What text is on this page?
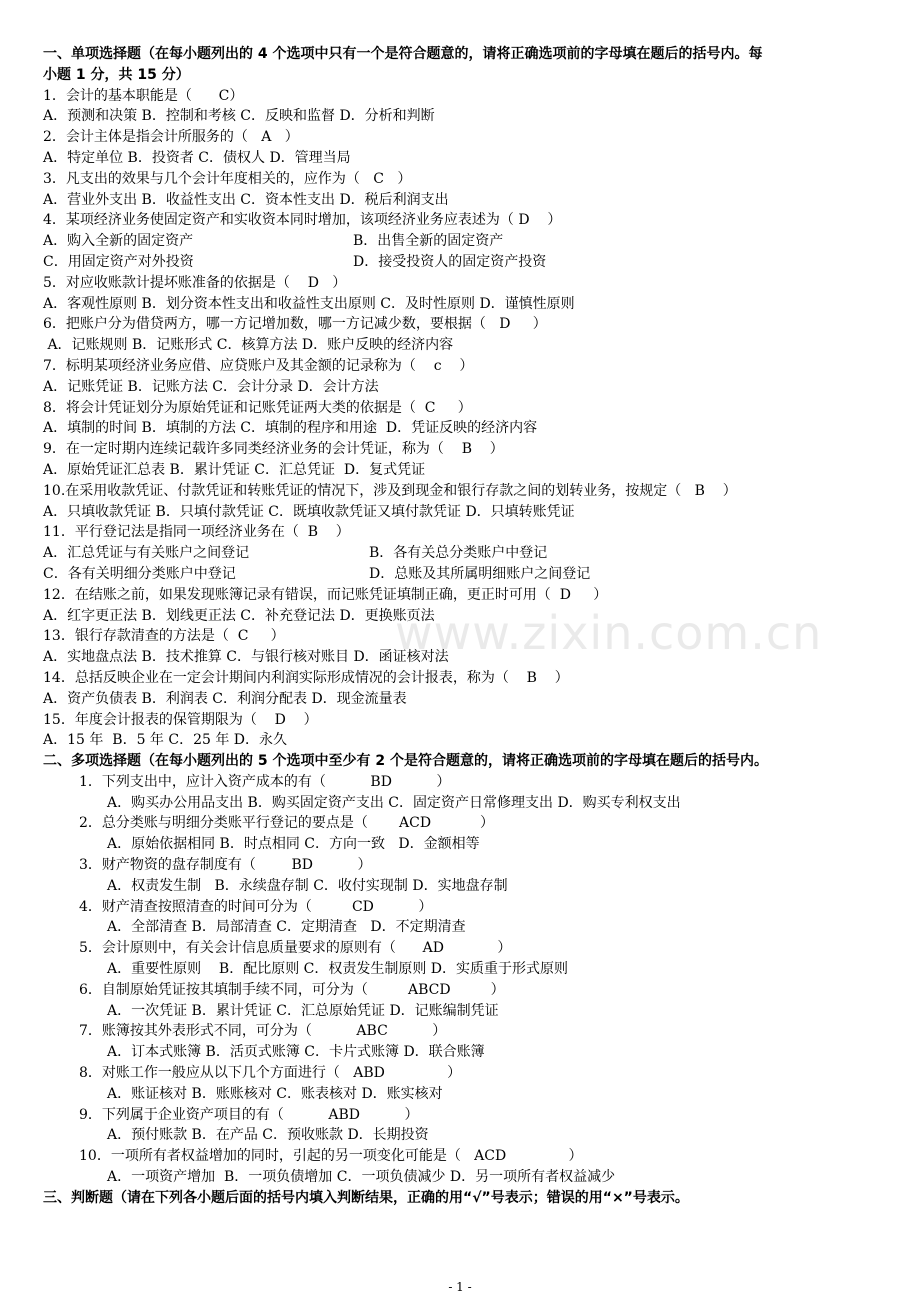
一、单项选择题（在每小题列出的 4 个选项中只有一个是符合题意的，请将正确选项前的字母填在题后的括号内。每
小题 1 分，共 15 分）
1．会计的基本职能是（      C）
A．预测和决策 B．控制和考核 C．反映和监督 D．分析和判断
2．会计主体是指会计所服务的（   A   ）
A．特定单位 B．投资者 C．债权人 D．管理当局
3．凡支出的效果与几个会计年度相关的，应作为（   C   ）
A．营业外支出 B．收益性支出 C．资本性支出 D．税后利润支出
4．某项经济业务使固定资产和实收资本同时增加，该项经济业务应表述为（ D    ）
A．购入全新的固定资产	B．出售全新的固定资产
C．用固定资产对外投资	D．接受投资人的固定资产投资
5．对应收账款计提坏账准备的依据是（    D   ）
A．客观性原则 B．划分资本性支出和收益性支出原则 C．及时性原则 D．谨慎性原则
6．把账户分为借贷两方，哪一方记增加数，哪一方记减少数，要根据（   D     ）
A．记账规则 B．记账形式 C．核算方法 D．账户反映的经济内容
7．标明某项经济业务应借、应贷账户及其金额的记录称为（    c    ）
A．记账凭证 B．记账方法 C．会计分录 D．会计方法
8．将会计凭证划分为原始凭证和记账凭证两大类的依据是（  C     ）
A．填制的时间 B．填制的方法 C．填制的程序和用途  D．凭证反映的经济内容
9．在一定时期内连续记载许多同类经济业务的会计凭证，称为（    B    ）
A．原始凭证汇总表 B．累计凭证 C．汇总凭证  D．复式凭证
10.在采用收款凭证、付款凭证和转账凭证的情况下，涉及到现金和银行存款之间的划转业务，按规定（   B    ）
A．只填收款凭证 B．只填付款凭证 C．既填收款凭证又填付款凭证 D．只填转账凭证
11．平行登记法是指同一项经济业务在（  B    ）
A．汇总凭证与有关账户之间登记	B．各有关总分类账户中登记
C．各有关明细分类账户中登记	D．总账及其所属明细账户之间登记
12．在结账之前，如果发现账簿记录有错误，而记账凭证填制正确，更正时可用（  D     ）
A．红字更正法 B．划线更正法 C．补充登记法 D．更换账页法
13．银行存款清查的方法是（  C     ）
A．实地盘点法 B．技术推算 C．与银行核对账目 D．函证核对法
14．总括反映企业在一定会计期间内利润实际形成情况的会计报表，称为（    B    ）
A．资产负债表 B．利润表 C．利润分配表 D．现金流量表
15．年度会计报表的保管期限为（    D    ）
A．15 年  B．5 年 C．25 年 D．永久
二、多项选择题（在每小题列出的 5 个选项中至少有 2 个是符合题意的，请将正确选项前的字母填在题后的括号内。
1．下列支出中，应计入资产成本的有（          BD          ）
A．购买办公用品支出 B．购买固定资产支出 C．固定资产日常修理支出 D．购买专利权支出
2．总分类账与明细分类账平行登记的要点是（       ACD           ）
A．原始依据相同 B．时点相同 C．方向一致   D．金额相等
3．财产物资的盘存制度有（        BD          ）
A．权责发生制   B．永续盘存制 C．收付实现制 D．实地盘存制
4．财产清查按照清查的时间可分为（         CD          ）
A．全部清查 B．局部清查 C．定期清查   D．不定期清查
5．会计原则中，有关会计信息质量要求的原则有（      AD            ）
A．重要性原则    B．配比原则 C．权责发生制原则 D．实质重于形式原则
6．自制原始凭证按其填制手续不同，可分为（         ABCD         ）
A．一次凭证 B．累计凭证 C．汇总原始凭证 D．记账编制凭证
7．账簿按其外表形式不同，可分为（          ABC          ）
A．订本式账簿 B．活页式账簿 C．卡片式账簿 D．联合账簿
8．对账工作一般应从以下几个方面进行（   ABD              ）
A．账证核对 B．账账核对 C．账表核对 D．账实核对
9．下列属于企业资产项目的有（          ABD          ）
A．预付账款 B．在产品 C．预收账款 D．长期投资
10．一项所有者权益增加的同时，引起的另一项变化可能是（   ACD              ）
A．一项资产增加  B．一项负债增加 C．一项负债减少 D．另一项所有者权益减少
三、判断题（请在下列各小题后面的括号内填入判断结果，正确的用“√”号表示；错误的用“×”号表示。
www.zixin.com.cn
- 1 -
